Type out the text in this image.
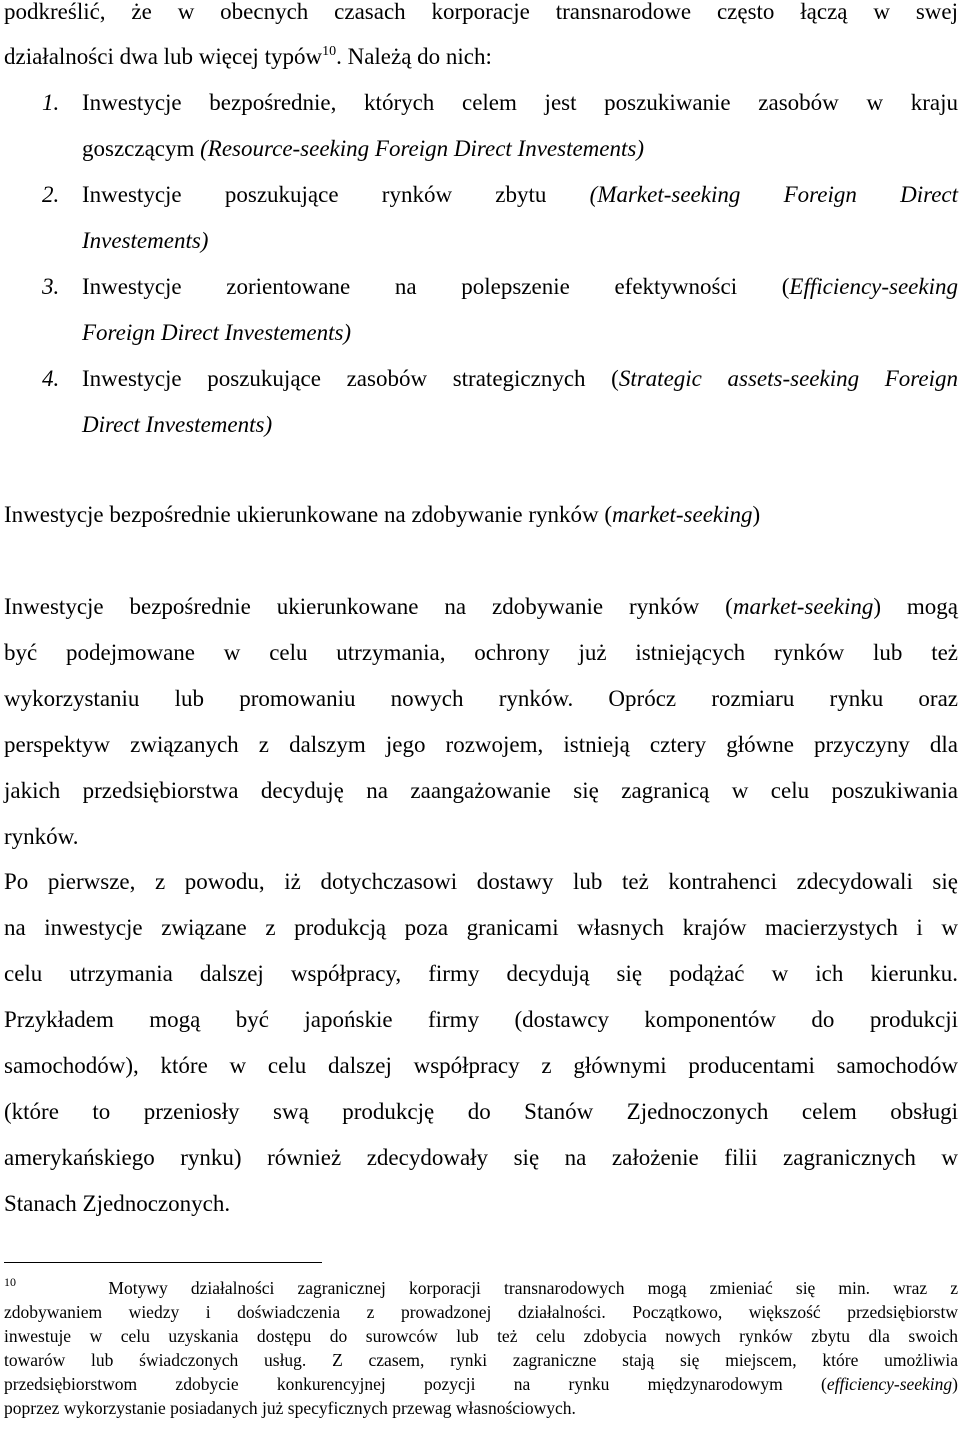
podkreślić, że w obecnych czasach korporacje transnarodowe często łączą w swej
działalności dwa lub więcej typów$^{10}$. Należą do nich:
1. Inwestycje bezpośrednie, których celem jest poszukiwanie zasobów w kraju
goszczącym (Resource-seeking Foreign Direct Investements)
2. Inwestycje poszukujące rynków zbytu (Market-seeking Foreign Direct
Investements)
3. Inwestycje zorientowane na polepszenie efektywności (Efficiency-seeking
Foreign Direct Investements)
4. Inwestycje poszukujące zasobów strategicznych (Strategic assets-seeking Foreign
Direct Investements)
Inwestycje bezpośrednie ukierunkowane na zdobywanie rynków (market-seeking)
Inwestycje bezpośrednie ukierunkowane na zdobywanie rynków (market-seeking) mogą
być podejmowane w celu utrzymania, ochrony już istniejących rynków lub też
wykorzystaniu lub promowaniu nowych rynków. Oprócz rozmiaru rynku oraz
perspektyw związanych z dalszym jego rozwojem, istnieją cztery główne przyczyny dla
jakich przedsiębiorstwa decyduję na zaangażowanie się zagranicą w celu poszukiwania
rynków.
Po pierwsze, z powodu, iż dotychczasowi dostawy lub też kontrahenci zdecydowali się
na inwestycje związane z produkcją poza granicami własnych krajów macierzystych i w
celu utrzymania dalszej współpracy, firmy decydują się podążać w ich kierunku.
Przykładem mogą być japońskie firmy (dostawcy komponentów do produkcji
samochodów), które w celu dalszej współpracy z głównymi producentami samochodów
(które to przeniosły swą produkcję do Stanów Zjednoczonych celem obsługi
amerykańskiego rynku) również zdecydowały się na założenie filii zagranicznych w
Stanach Zjednoczonych.
$^{10}$	Motywy działalności zagranicznej korporacji transnarodowych mogą zmieniać się min. wraz z
zdobywaniem wiedzy i doświadczenia z prowadzonej działalności. Początkowo, większość przedsiębiorstw
inwestuje w celu uzyskania dostępu do surowców lub też celu zdobycia nowych rynków zbytu dla swoich
towarów lub świadczonych usług. Z czasem, rynki zagraniczne stają się miejscem, które umożliwia
przedsiębiorstwom zdobycie konkurencyjnej pozycji na rynku międzynarodowym (efficiency-seeking)
poprzez wykorzystanie posiadanych już specyficznych przewag własnościowych.
